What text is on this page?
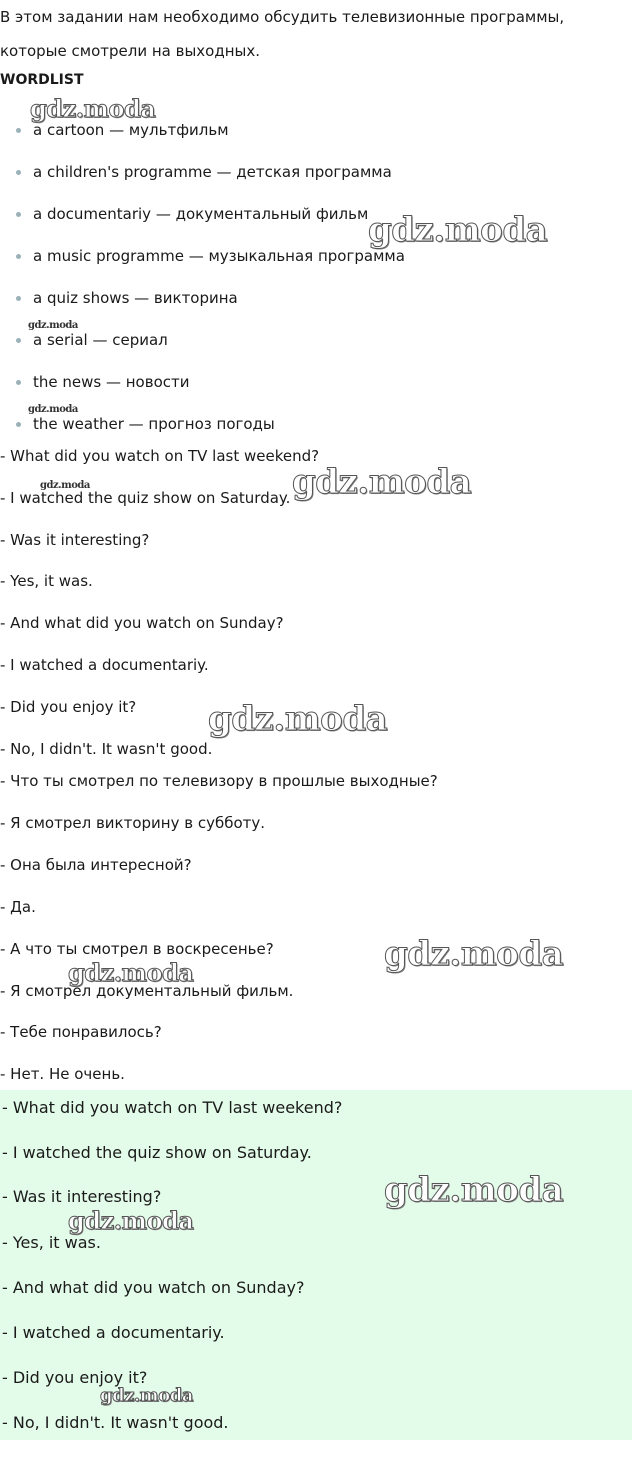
В этом задании нам необходимо обсудить телевизионные программы, которые смотрели на выходных.

WORDLIST
a cartoon — мультфильм
a children's programme — детская программа
a documentariy — документальный фильм
a music programme — музыкальная программа
a quiz shows — викторина
a serial — сериал
the news — новости
the weather — прогноз погоды
- What did you watch on TV last weekend?
- I watched the quiz show on Saturday.
- Was it interesting?
- Yes, it was.
- And what did you watch on Sunday?
- I watched a documentariy.
- Did you enjoy it?
- No, I didn't. It wasn't good.
- Что ты смотрел по телевизору в прошлые выходные?
- Я смотрел викторину в субботу.
- Она была интересной?
- Да.
- А что ты смотрел в воскресенье?
- Я смотрел документальный фильм.
- Тебе понравилось?
- Нет. Не очень.
- What did you watch on TV last weekend?
- I watched the quiz show on Saturday.
- Was it interesting?
- Yes, it was.
- And what did you watch on Sunday?
- I watched a documentariy.
- Did you enjoy it?
- No, I didn't. It wasn't good.
gdz.moda
gdz.moda
gdz.moda
gdz.moda
gdz.moda
gdz.moda
gdz.moda
gdz.moda
gdz.moda
gdz.moda
gdz.moda
gdz.moda
